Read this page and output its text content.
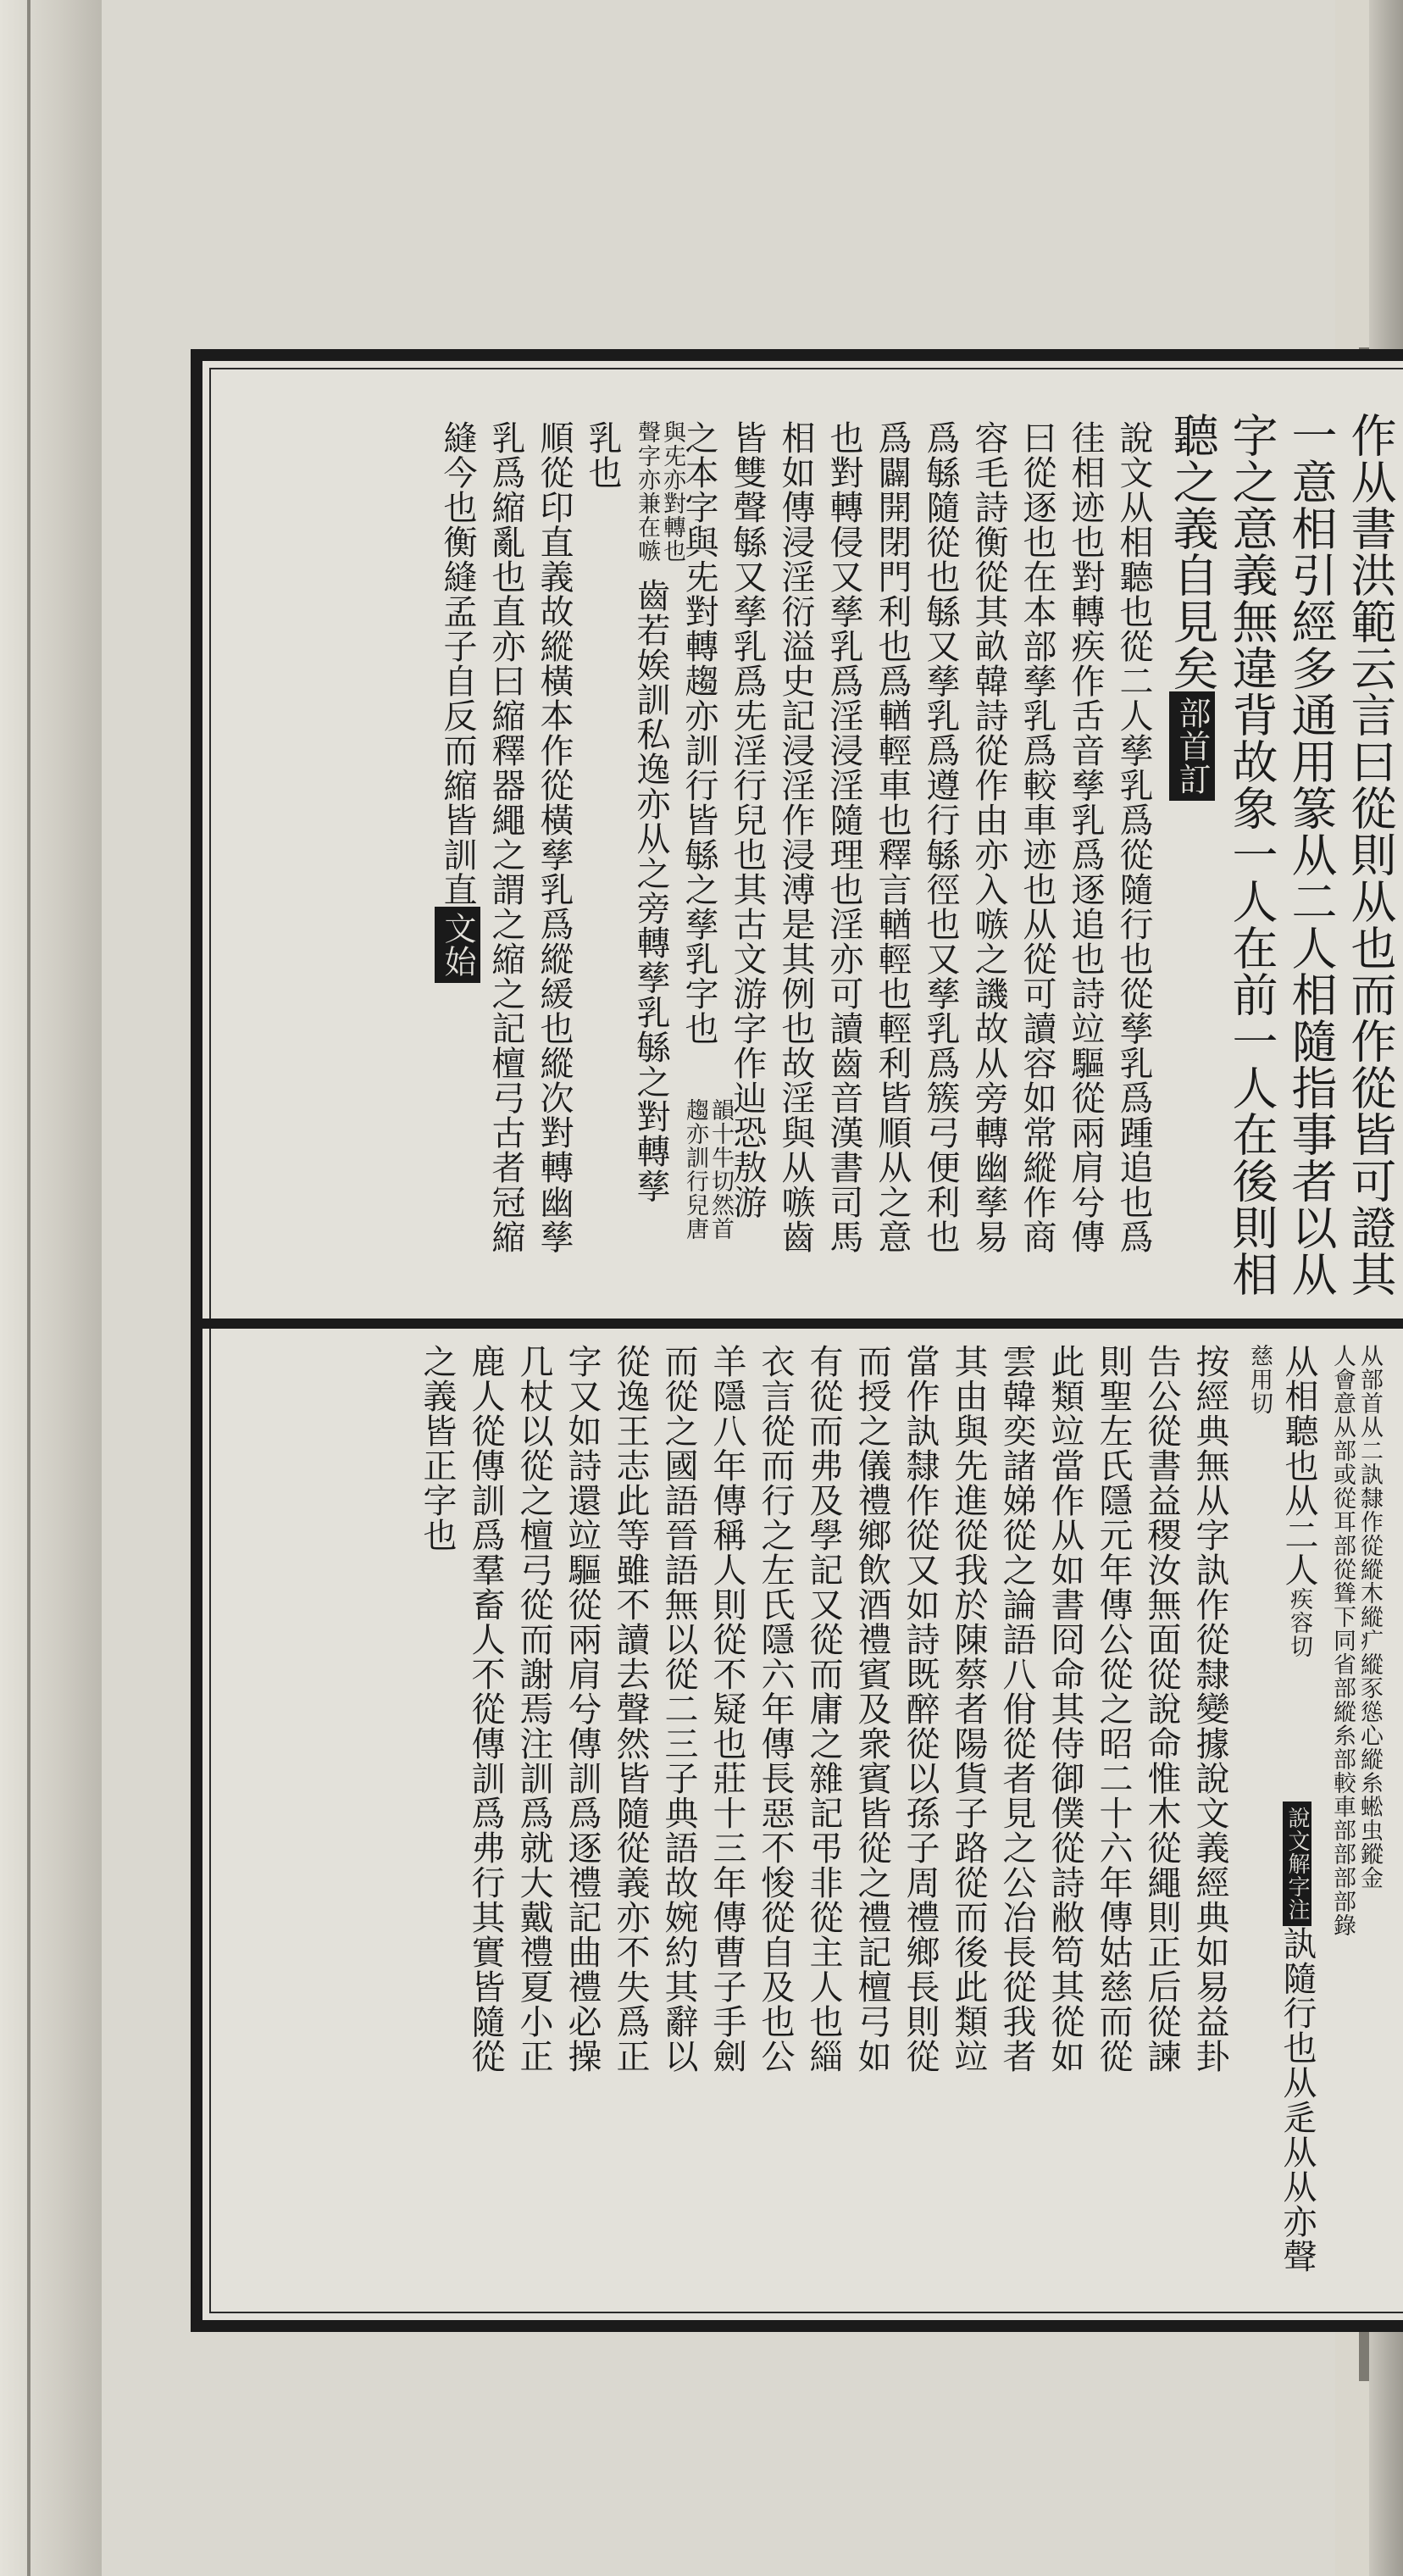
作从書洪範云言曰從則从也而作從皆可證其
一意相引經多通用篆从二人相隨指事者以从
字之意義無違背故象一人在前一人在後則相
聽之義自見矣部首訂
說文从相聽也從二人孳乳爲從隨行也從孳乳爲踵追也爲
徍相迹也對轉疾作舌音孳乳爲逐追也詩竝驅從兩肩兮傳
曰從逐也在本部孳乳爲較車迹也从從可讀容如常縱作商
容毛詩衡從其畝韓詩從作由亦入嗾之譏故从旁轉幽孳易
爲緐隨從也緐又孳乳爲遵行緐徑也又孳乳爲簇弓便利也
爲闢開閉門利也爲輶輕車也釋言輶輕也輕利皆順从之意
也對轉侵又孳乳爲淫浸淫隨理也淫亦可讀齒音漢書司馬
相如傳浸淫衍溢史記浸淫作浸溥是其例也故淫與从嗾齒
皆雙聲緐又孳乳爲兂淫行兒也其古文游字作辿恐敖游
之本字與兂對轉趨亦訓行皆緐之孳乳字也
趨亦訓行兒唐 韻十牛切然首
聲字亦兼在嗾 與兂亦對轉也
齒若娭訓私逸亦从之旁轉孳乳緐之對轉孳
乳也
順從印直義故縱橫本作從橫孳乳爲縱緩也縱次對轉幽孳
乳爲縮亂也直亦曰縮釋器繩之謂之縮之記檀弓古者冠縮
縫今也衡縫孟子自反而縮皆訓直文始
从部首从二訙隸作從縱木縱疒縱豕慫心縱糸蜙虫鏦金
人會意从部或從耳部從聳下同省部縱糸部較車部部部部錄
从相聽也从二人疾容切
慈用切
說文解字注訙隨行也从辵从从亦聲
按經典無从字訙作從隸變據說文義經典如易益卦
告公從書益稷汝無面從說命惟木從繩則正后從諫
則聖左氏隱元年傳公從之昭二十六年傳姑慈而從
此類竝當作从如書冏命其侍御僕從詩敝笱其從如
雲韓奕諸娣從之論語八佾從者見之公冶長從我者
其由與先進從我於陳蔡者陽貨子路從而後此類竝
當作訙隸作從又如詩既醉從以孫子周禮鄉長則從
而授之儀禮鄉飲酒禮賓及衆賓皆從之禮記檀弓如
有從而弗及學記又從而庸之雜記弔非從主人也緇
衣言從而行之左氏隱六年傳長惡不悛從自及也公
羊隱八年傳稱人則從不疑也莊十三年傳曹子手劍
而從之國語晉語無以從二三子典語故婉約其辭以
從逸王志此等雖不讀去聲然皆隨從義亦不失爲正
字又如詩還竝驅從兩肩兮傳訓爲逐禮記曲禮必操
几杖以從之檀弓從而謝焉注訓爲就大戴禮夏小正
鹿人從傳訓爲羣畜人不從傳訓爲弗行其實皆隨從
之義皆正字也
